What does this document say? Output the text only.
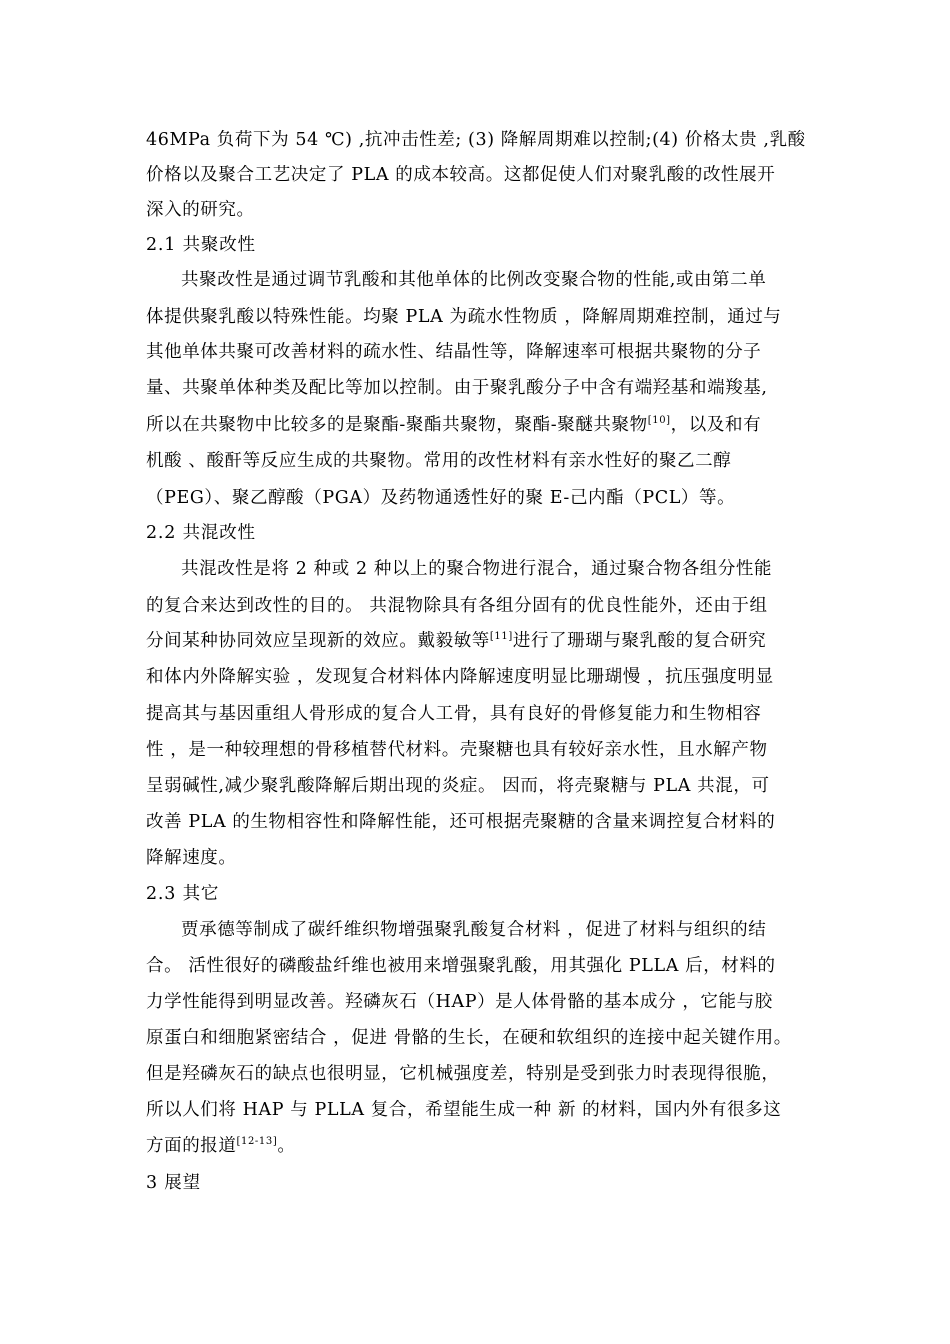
46MPa 负荷下为 54 ℃) ,抗冲击性差; (3) 降解周期难以控制;(4) 价格太贵 ,乳酸
价格以及聚合工艺决定了 PLA 的成本较高。这都促使人们对聚乳酸的改性展开
深入的研究。
2.1 共聚改性
共聚改性是通过调节乳酸和其他单体的比例改变聚合物的性能,或由第二单
体提供聚乳酸以特殊性能。均聚 PLA 为疏水性物质 ，降解周期难控制，通过与
其他单体共聚可改善材料的疏水性、结晶性等，降解速率可根据共聚物的分子
量、共聚单体种类及配比等加以控制。由于聚乳酸分子中含有端羟基和端羧基,
所以在共聚物中比较多的是聚酯-聚酯共聚物，聚酯-聚醚共聚物[10]，以及和有
机酸 、酸酐等反应生成的共聚物。常用的改性材料有亲水性好的聚乙二醇
（PEG）、聚乙醇酸（PGA）及药物通透性好的聚 E-己内酯（PCL）等。
2.2 共混改性
共混改性是将 2 种或 2 种以上的聚合物进行混合，通过聚合物各组分性能
的复合来达到改性的目的。 共混物除具有各组分固有的优良性能外，还由于组
分间某种协同效应呈现新的效应。戴毅敏等[11]进行了珊瑚与聚乳酸的复合研究
和体内外降解实验 ，发现复合材料体内降解速度明显比珊瑚慢 ，抗压强度明显
提高其与基因重组人骨形成的复合人工骨，具有良好的骨修复能力和生物相容
性 ，是一种较理想的骨移植替代材料。壳聚糖也具有较好亲水性，且水解产物
呈弱碱性,减少聚乳酸降解后期出现的炎症。 因而，将壳聚糖与 PLA 共混，可
改善 PLA 的生物相容性和降解性能，还可根据壳聚糖的含量来调控复合材料的
降解速度。
2.3 其它
贾承德等制成了碳纤维织物增强聚乳酸复合材料 ，促进了材料与组织的结
合。 活性很好的磷酸盐纤维也被用来增强聚乳酸，用其强化 PLLA 后，材料的
力学性能得到明显改善。羟磷灰石（HAP）是人体骨骼的基本成分 ，它能与胶
原蛋白和细胞紧密结合 ，促进 骨骼的生长，在硬和软组织的连接中起关键作用。
但是羟磷灰石的缺点也很明显，它机械强度差，特别是受到张力时表现得很脆，
所以人们将 HAP 与 PLLA 复合，希望能生成一种 新 的材料，国内外有很多这
方面的报道[12-13]。
3 展望
